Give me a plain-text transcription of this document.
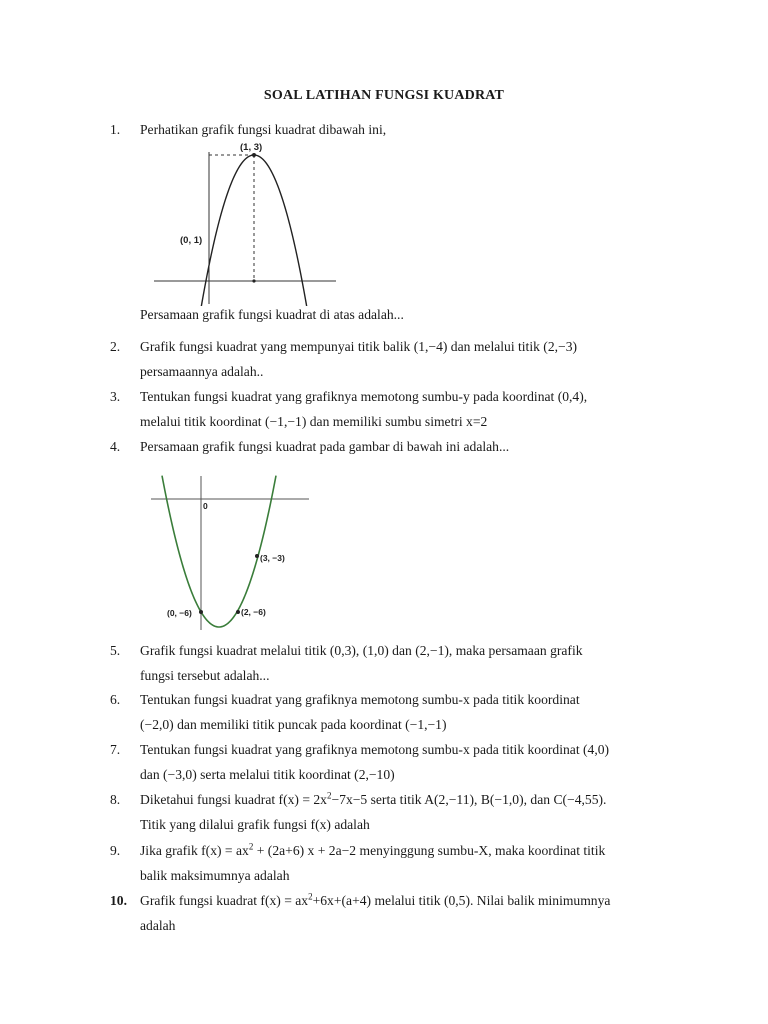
SOAL LATIHAN FUNGSI KUADRAT
1.	Perhatikan grafik fungsi kuadrat dibawah ini,
(1, 3)
(0, 1)
Persamaan grafik fungsi kuadrat di atas adalah...
2.	Grafik fungsi kuadrat yang mempunyai titik balik (1,−4) dan melalui titik (2,−3)
persamaannya adalah..
3.	Tentukan fungsi kuadrat yang grafiknya memotong sumbu-y pada koordinat (0,4),
melalui titik koordinat (−1,−1) dan memiliki sumbu simetri x=2
4.	Persamaan grafik fungsi kuadrat pada gambar di bawah ini adalah...
0
(3, −3)
(0, −6)	(2, −6)
5.	Grafik fungsi kuadrat melalui titik (0,3), (1,0) dan (2,−1), maka persamaan grafik
fungsi tersebut adalah...
6.	Tentukan fungsi kuadrat yang grafiknya memotong sumbu-x pada titik koordinat
(−2,0) dan memiliki titik puncak pada koordinat (−1,−1)
7.	Tentukan fungsi kuadrat yang grafiknya memotong sumbu-x pada titik koordinat (4,0)
dan (−3,0) serta melalui titik koordinat (2,−10)
8.	Diketahui fungsi kuadrat $f(x) = 2x^2-7x-5$ serta titik A(2,−11), B(−1,0), dan C(−4,55).
Titik yang dilalui grafik fungsi f(x) adalah
9.	Jika grafik $f(x) = ax^2 + (2a+6) x + 2a-2$ menyinggung sumbu-X, maka koordinat titik
balik maksimumnya adalah
10. Grafik fungsi kuadrat $f(x) = ax^2+6x+(a+4)$ melalui titik (0,5). Nilai balik minimumnya
adalah
